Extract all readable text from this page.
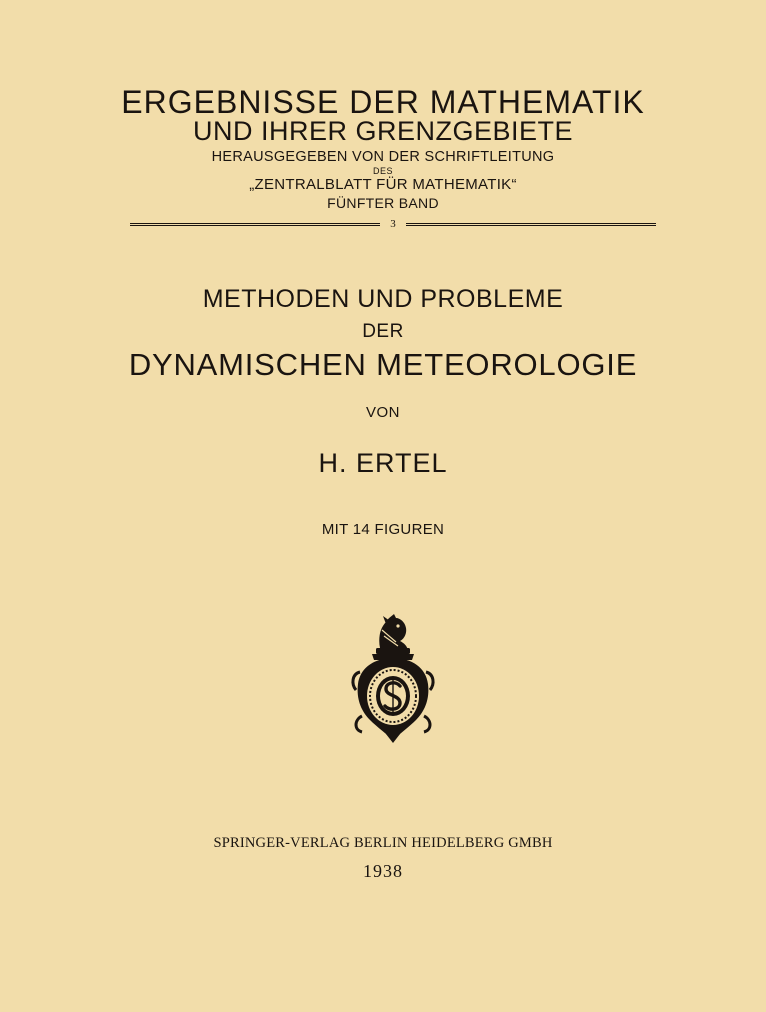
ERGEBNISSE DER MATHEMATIK
UND IHRER GRENZGEBIETE
HERAUSGEGEBEN VON DER SCHRIFTLEITUNG
DES
„ZENTRALBLATT FÜR MATHEMATIK“
FÜNFTER BAND
3
METHODEN UND PROBLEME
DER
DYNAMISCHEN METEOROLOGIE
VON
H. ERTEL
MIT 14 FIGUREN
SPRINGER-VERLAG BERLIN HEIDELBERG GMBH
1938
